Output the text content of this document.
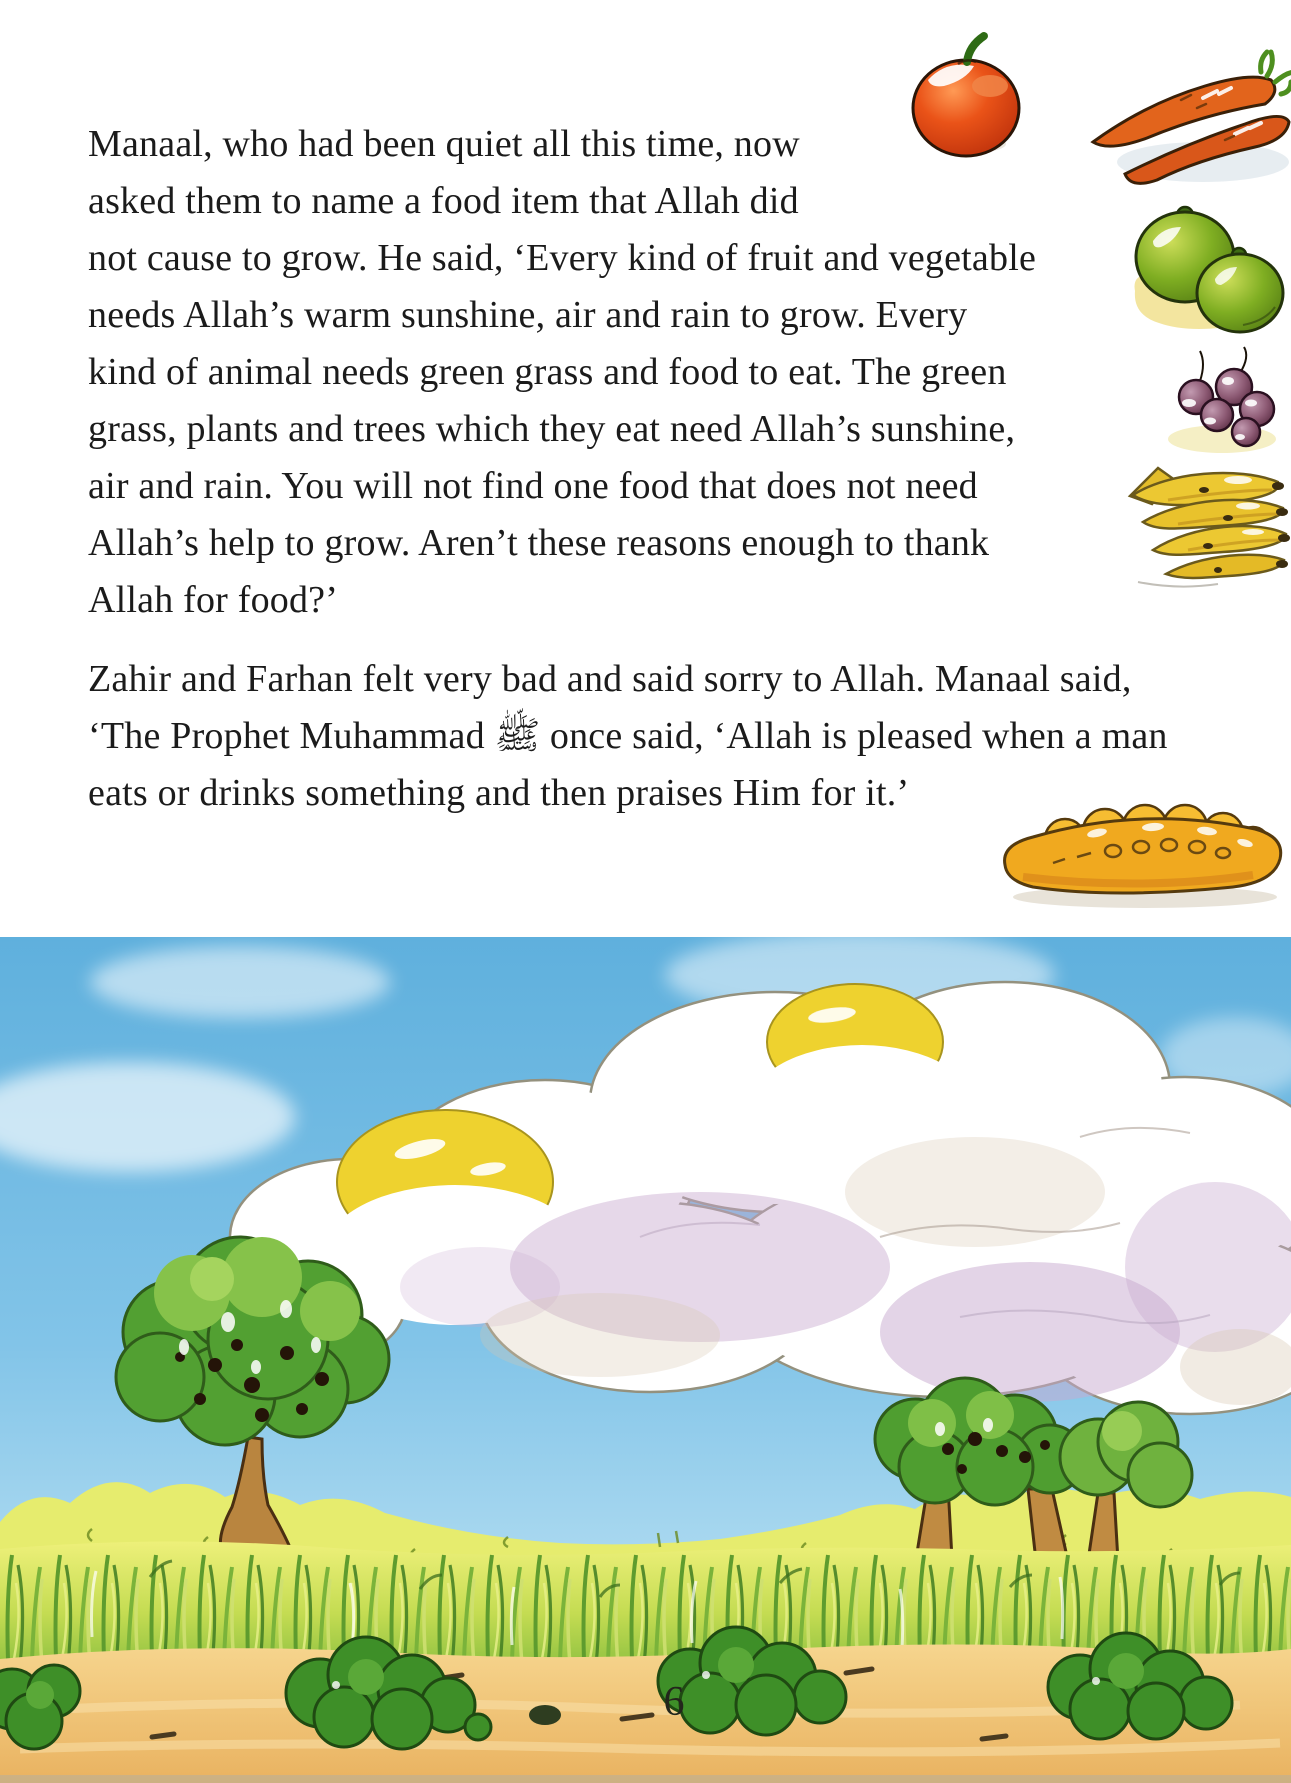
Manaal, who had been quiet all this time, now
asked them to name a food item that Allah did
not cause to grow. He said, ‘Every kind of fruit and vegetable
needs Allah’s warm sunshine, air and rain to grow. Every
kind of animal needs green grass and food to eat. The green
grass, plants and trees which they eat need Allah’s sunshine,
air and rain. You will not find one food that does not need
Allah’s help to grow. Aren’t these reasons enough to thank
Allah for food?’
Zahir and Farhan felt very bad and said sorry to Allah. Manaal said,
‘The Prophet Muhammad ﷺ once said, ‘Allah is pleased when a man
eats or drinks something and then praises Him for it.’
6
